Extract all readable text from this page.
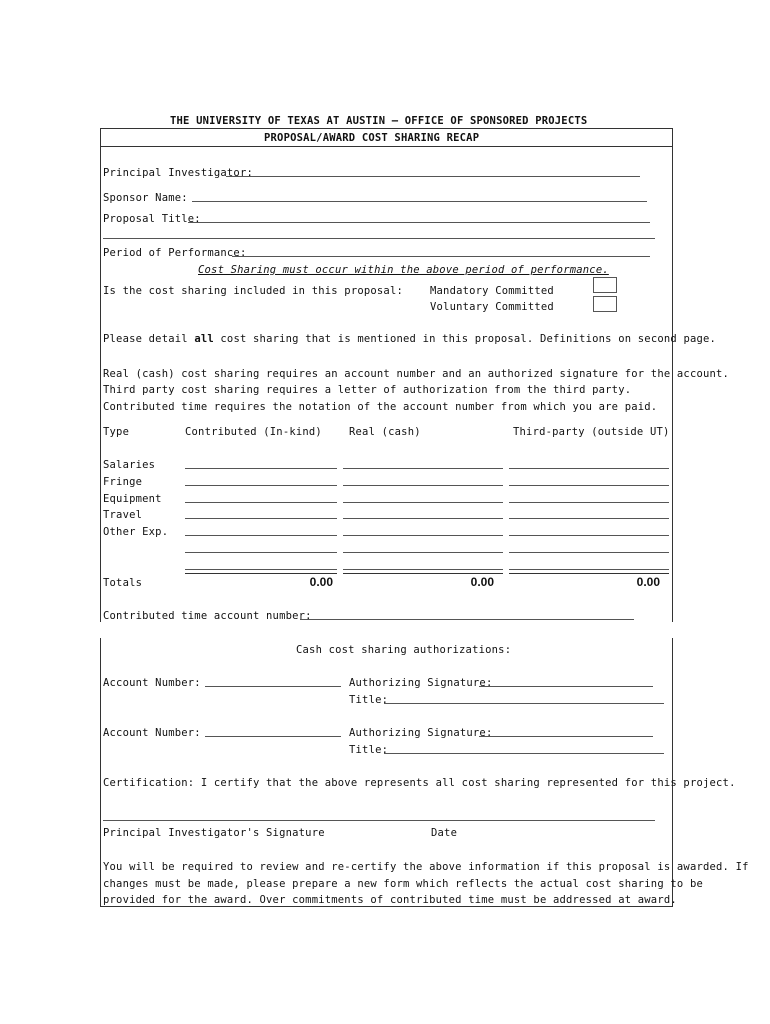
THE UNIVERSITY OF TEXAS AT AUSTIN – OFFICE OF SPONSORED PROJECTS
PROPOSAL/AWARD COST SHARING RECAP
Principal Investigator:
Sponsor Name:
Proposal Title:
Period of Performance:
Cost Sharing must occur within the above period of performance.
Is the cost sharing included in this proposal:	Mandatory Committed
Voluntary Committed
Please detail all cost sharing that is mentioned in this proposal. Definitions on second page.
Real (cash) cost sharing requires an account number and an authorized signature for the account.
Third party cost sharing requires a letter of authorization from the third party.
Contributed time requires the notation of the account number from which you are paid.
Type	Contributed (In-kind)	Real (cash)	Third-party (outside UT)
Salaries
Fringe
Equipment
Travel
Other Exp.
Totals	0.00	0.00	0.00
Contributed time account number:
Cash cost sharing authorizations:
Account Number:	Authorizing Signature:
Title:
Account Number:	Authorizing Signature:
Title:
Certification: I certify that the above represents all cost sharing represented for this project.
Principal Investigator's Signature	Date
You will be required to review and re-certify the above information if this proposal is awarded. If
changes must be made, please prepare a new form which reflects the actual cost sharing to be
provided for the award. Over commitments of contributed time must be addressed at award.
